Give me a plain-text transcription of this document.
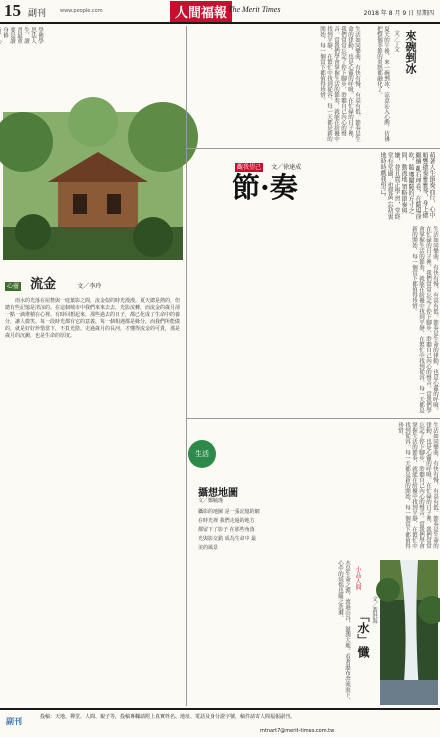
15 副刊	www.people.com	人間福報 The Merit Times	2018 年 8 月 9 日 星期四
學佛學思法人生，讀書最重要是讀身修
心靈 流金	文／李玲
雨水的光落在屋簷與一庭葉影之間，流金似的時光漫漫。夏天總是熱的，但總有些記憶是清涼的。在這個城市中我們來來去去，光影流轉，而流金的歲月卻一點一滴堆積在心裡。有時回想起來，那些過去的日子，都已化成了生命中的養分，讓人微笑。每一段時光都有它的意義，每一個相遇都是緣分，而我們所能做的，就是好好珍惜當下，不負光陰。走過歲月的長河，才懂得流金的可貴，那是歲月的沉澱，也是生命的厚度。
生活如同樂曲，有快有慢，有高有低。節奏是生命的律動，也是心靈的呼吸。在忙碌的日子裡，我們常常忘記了停下腳步，聆聽自己內心的聲音。當我們學會掌握生活的節奏，就能在紛擾中找到平靜，在繁忙中找到從容。每一天都是新的開始，每一個當下都值得珍惜。	來碗剉冰
文／丁文
夏天的午後，來一碗剉冰，涼意沁入心脾，彷彿把整個季節的炎熱都融化了。
觀我望己 文／徐達成
節·奏	萌著人生節奏而行，心中順響總奏雅雅琴，身上總繼續 亂石埋卷，在隨場徐吹。隨 獲關隨的方寸之間，動流地 領略節奏與嫌，並且貫正學 習，堂終堂有堂過，也要黃 忘初衷地時時戲我望己。
生活如同樂曲，有快有慢，有高有低。節奏是生命的律動，也是心靈的呼吸。在忙碌的日子裡，我們常常忘記了停下腳步，聆聽自己內心的聲音。當我們學會掌握生活的節奏，就能在紛擾中找到平靜，在繁忙中找到從容。每一天都是新的開始，每一個當下都值得珍惜。
生活
攝想地圖
文／鄭毓瑾
攝影的地圖 是一張記憶的網 在時光裡 我們走過的地方 都留下了影子 在那些角落 光與影交錯 成為生命中 最美的風景	生活如同樂曲，有快有慢，有高有低。節奏是生命的律動，也是心靈的呼吸。在忙碌的日子裡，我們常常忘記了停下腳步，聆聽自己內心的聲音。當我們學會掌握生活的節奏，就能在紛擾中找到平靜，在繁忙中找到從容。每一天都是新的開始，每一個當下都值得珍惜。
水是生命之源，流過山谷，滋潤大地。看著瀑布奔流而下，心中的煩惱也隨之洗滌。	小品人間
「水」懺
文／黃洪海
副刊	投稿：天地、禪堂、人間、親子等，投稿專欄請附上真實姓名、地址、電話及身分證字號，稿件請寄人間福報副刊。
mtnart7@merit-times.com.tw
